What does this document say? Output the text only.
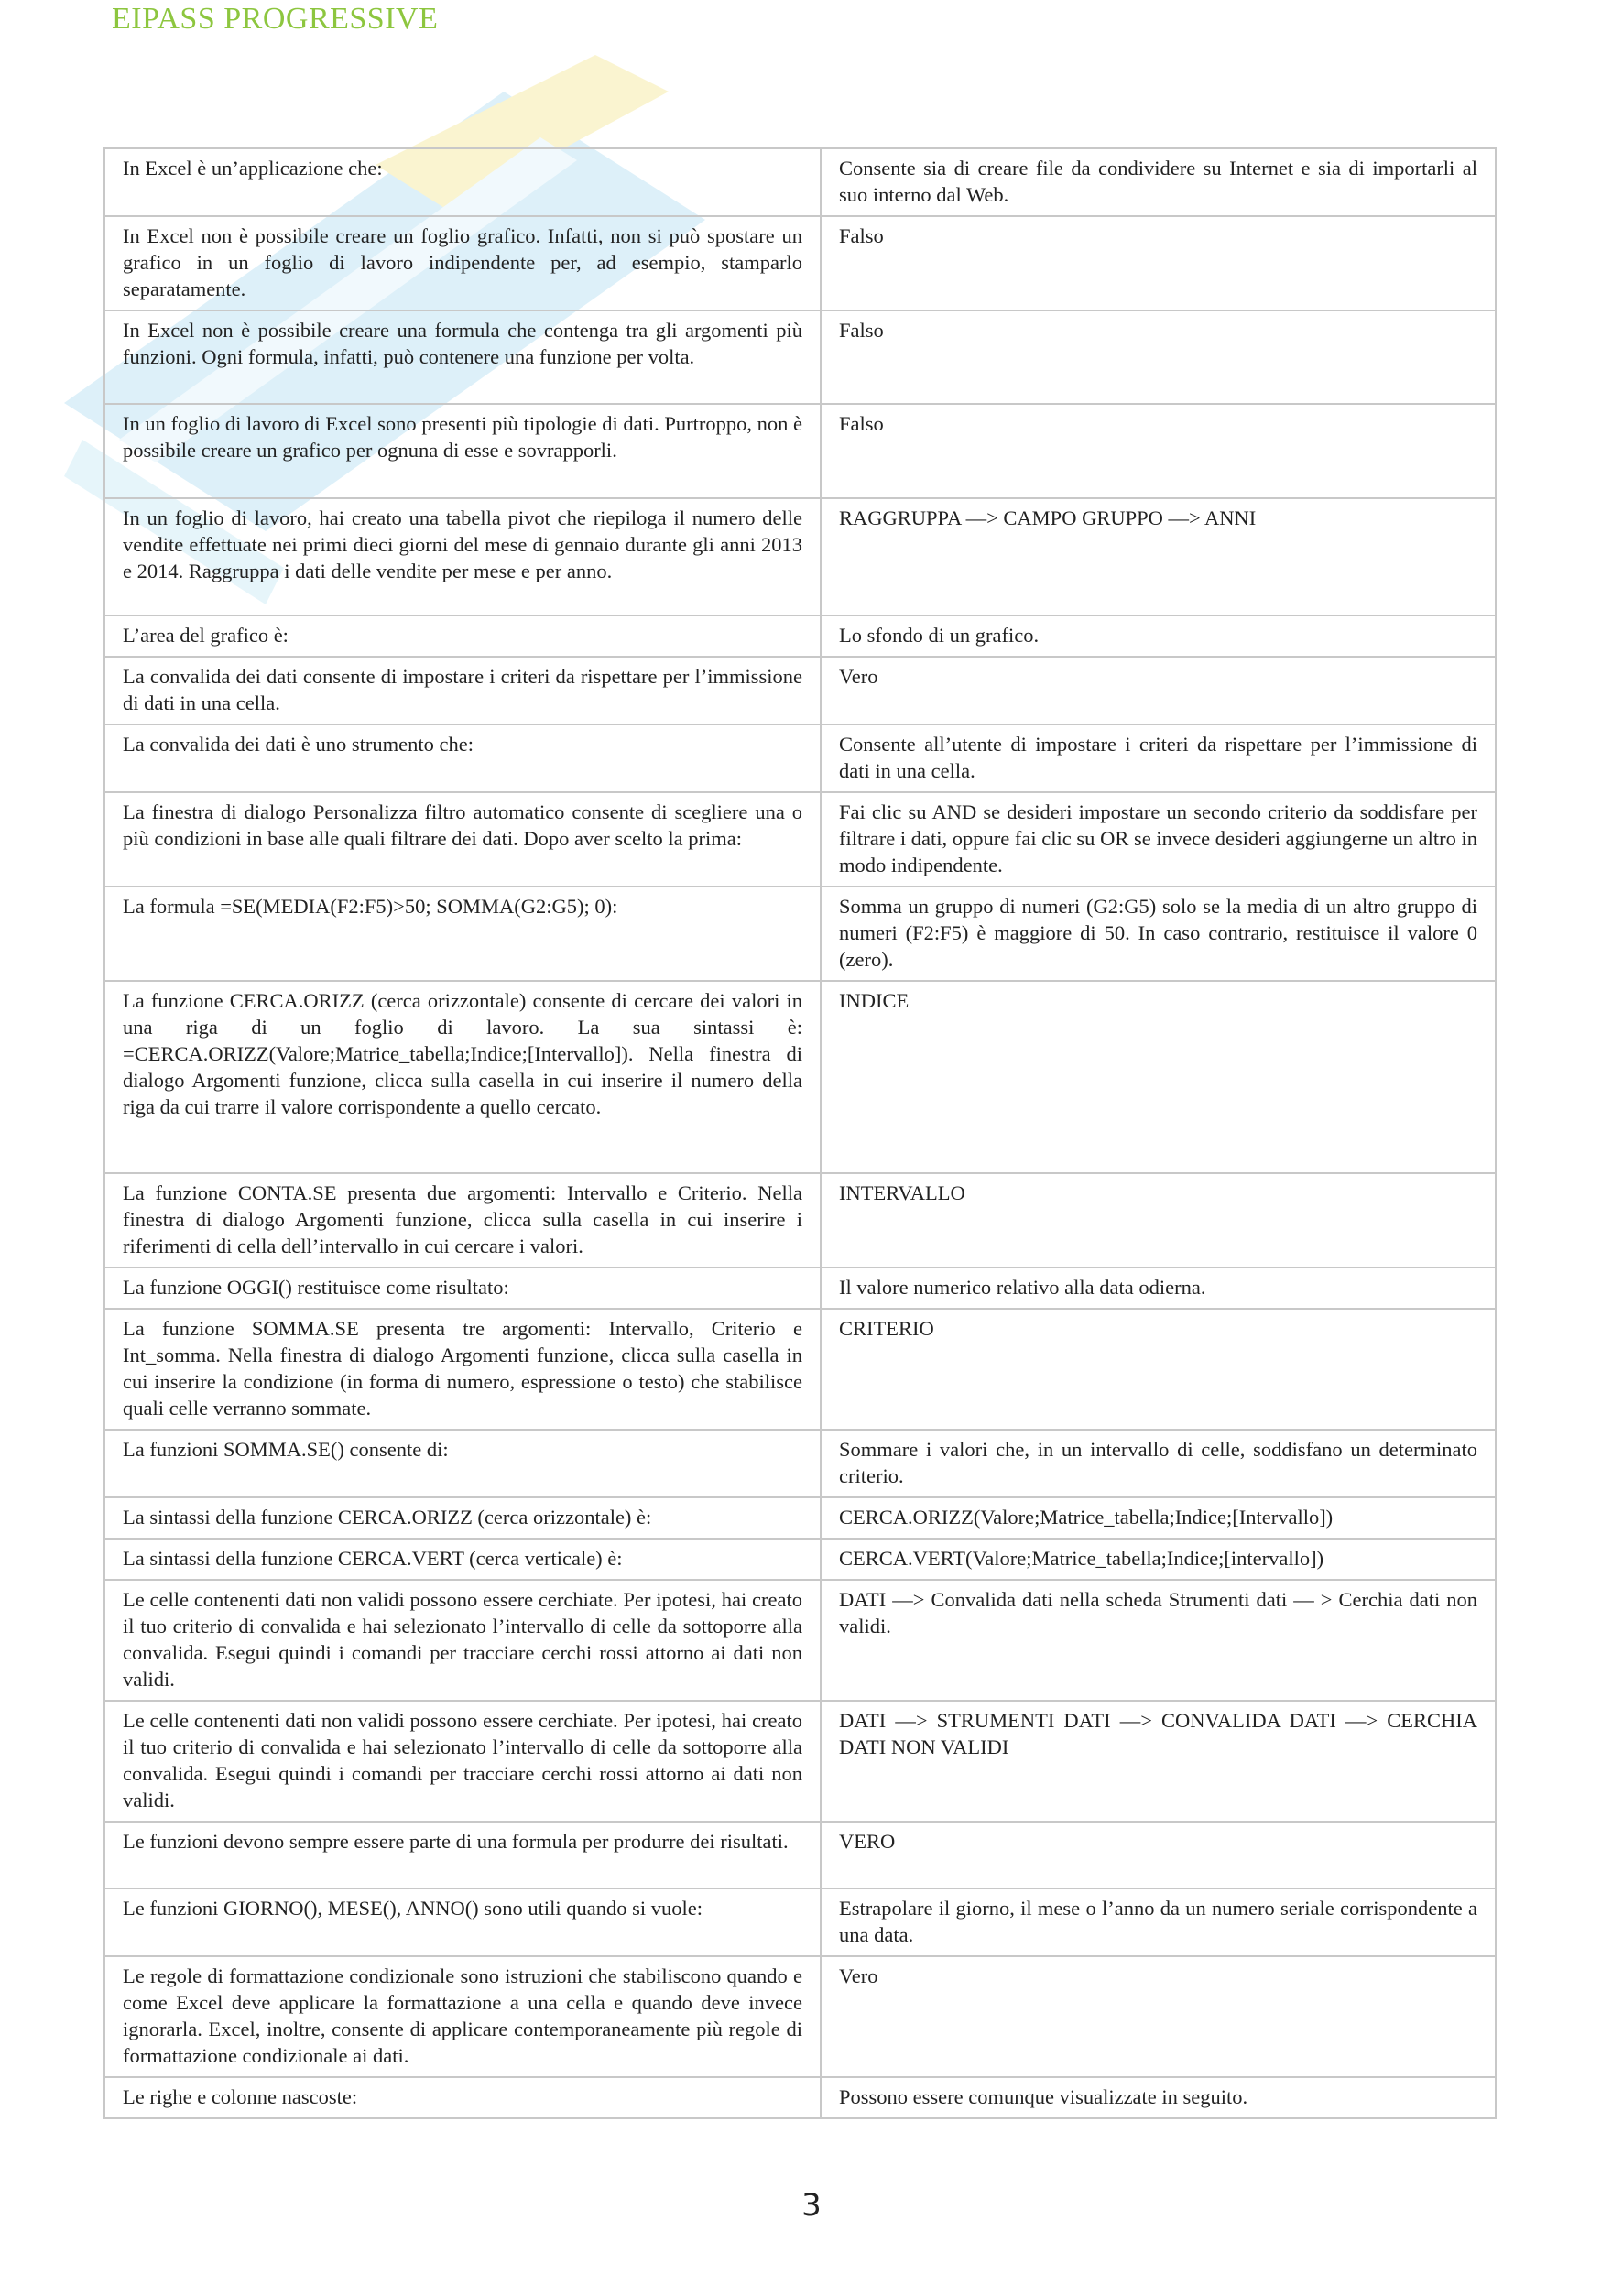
EIPASS PROGRESSIVE
In Excel è un’applicazione che:	Consente sia di creare file da condividere su Internet e sia di importarli al suo interno dal Web.
In Excel non è possibile creare un foglio grafico. Infatti, non si può spostare un grafico in un foglio di lavoro indipendente per, ad esempio, stamparlo separatamente.	Falso
In Excel non è possibile creare una formula che contenga tra gli argomenti più funzioni. Ogni formula, infatti, può contenere una funzione per volta.	Falso
In un foglio di lavoro di Excel sono presenti più tipologie di dati. Purtroppo, non è possibile creare un grafico per ognuna di esse e sovrapporli.	Falso
In un foglio di lavoro, hai creato una tabella pivot che riepiloga il numero delle vendite effettuate nei primi dieci giorni del mese di gennaio durante gli anni 2013 e 2014. Raggruppa i dati delle vendite per mese e per anno.	RAGGRUPPA —> CAMPO GRUPPO —> ANNI
L’area del grafico è:	Lo sfondo di un grafico.
La convalida dei dati consente di impostare i criteri da rispettare per l’immissione di dati in una cella.	Vero
La convalida dei dati è uno strumento che:	Consente all’utente di impostare i criteri da rispettare per l’immissione di dati in una cella.
La finestra di dialogo Personalizza filtro automatico consente di scegliere una o più condizioni in base alle quali filtrare dei dati. Dopo aver scelto la prima:	Fai clic su AND se desideri impostare un secondo criterio da soddisfare per filtrare i dati, oppure fai clic su OR se invece desideri aggiungerne un altro in modo indipendente.
La formula =SE(MEDIA(F2:F5)>50; SOMMA(G2:G5); 0):	Somma un gruppo di numeri (G2:G5) solo se la media di un altro gruppo di numeri (F2:F5) è maggiore di 50. In caso contrario, restituisce il valore 0 (zero).
La funzione CERCA.ORIZZ (cerca orizzontale) consente di cercare dei valori in una riga di un foglio di lavoro. La sua sintassi è: =CERCA.ORIZZ(Valore;Matrice_tabella;Indice;[Intervallo]). Nella finestra di dialogo Argomenti funzione, clicca sulla casella in cui inserire il numero della riga da cui trarre il valore corrispondente a quello cercato.	INDICE
La funzione CONTA.SE presenta due argomenti: Intervallo e Criterio. Nella finestra di dialogo Argomenti funzione, clicca sulla casella in cui inserire i riferimenti di cella dell’intervallo in cui cercare i valori.	INTERVALLO
La funzione OGGI() restituisce come risultato:	Il valore numerico relativo alla data odierna.
La funzione SOMMA.SE presenta tre argomenti: Intervallo, Criterio e Int_somma. Nella finestra di dialogo Argomenti funzione, clicca sulla casella in cui inserire la condizione (in forma di numero, espressione o testo) che stabilisce quali celle verranno sommate.	CRITERIO
La funzioni SOMMA.SE() consente di:	Sommare i valori che, in un intervallo di celle, soddisfano un determinato criterio.
La sintassi della funzione CERCA.ORIZZ (cerca orizzontale) è:	CERCA.ORIZZ(Valore;Matrice_tabella;Indice;[Intervallo])
La sintassi della funzione CERCA.VERT (cerca verticale) è:	CERCA.VERT(Valore;Matrice_tabella;Indice;[intervallo])
Le celle contenenti dati non validi possono essere cerchiate. Per ipotesi, hai creato il tuo criterio di convalida e hai selezionato l’intervallo di celle da sottoporre alla convalida. Esegui quindi i comandi per tracciare cerchi rossi attorno ai dati non validi.	DATI —> Convalida dati nella scheda Strumenti dati — > Cerchia dati non validi.
Le celle contenenti dati non validi possono essere cerchiate. Per ipotesi, hai creato il tuo criterio di convalida e hai selezionato l’intervallo di celle da sottoporre alla convalida. Esegui quindi i comandi per tracciare cerchi rossi attorno ai dati non validi.	DATI —> STRUMENTI DATI —> CONVALIDA DATI —> CERCHIA DATI NON VALIDI
Le funzioni devono sempre essere parte di una formula per produrre dei risultati.	VERO
Le funzioni GIORNO(), MESE(), ANNO() sono utili quando si vuole:	Estrapolare il giorno, il mese o l’anno da un numero seriale corrispondente a una data.
Le regole di formattazione condizionale sono istruzioni che stabiliscono quando e come Excel deve applicare la formattazione a una cella e quando deve invece ignorarla. Excel, inoltre, consente di applicare contemporaneamente più regole di formattazione condizionale ai dati.	Vero
Le righe e colonne nascoste:	Possono essere comunque visualizzate in seguito.
3
